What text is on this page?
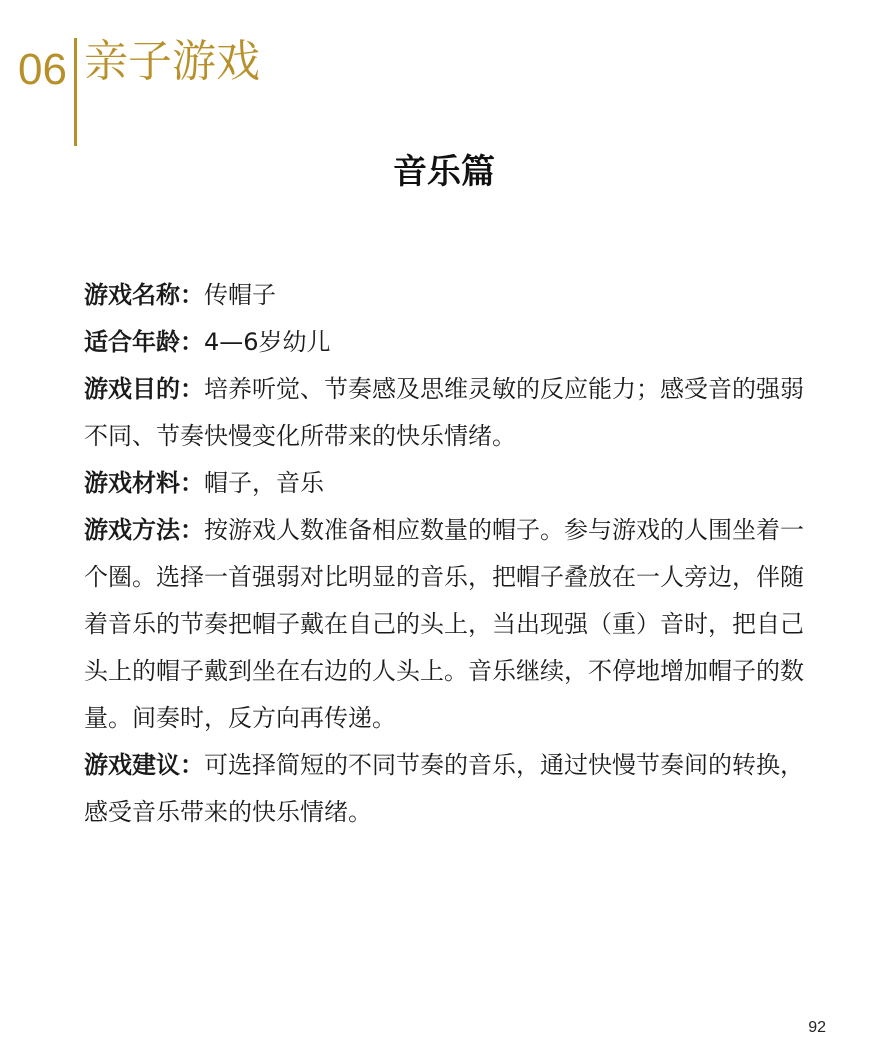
06 亲子游戏
音乐篇

游戏名称：传帽子

适合年龄：4—6岁幼儿

游戏目的：培养听觉、节奏感及思维灵敏的反应能力；感受音的强弱不同、节奏快慢变化所带来的快乐情绪。

游戏材料：帽子，音乐

游戏方法：按游戏人数准备相应数量的帽子。参与游戏的人围坐着一个圈。选择一首强弱对比明显的音乐，把帽子叠放在一人旁边，伴随着音乐的节奏把帽子戴在自己的头上，当出现强（重）音时，把自己头上的帽子戴到坐在右边的人头上。音乐继续，不停地增加帽子的数量。间奏时，反方向再传递。

游戏建议：可选择简短的不同节奏的音乐，通过快慢节奏间的转换，感受音乐带来的快乐情绪。

92
